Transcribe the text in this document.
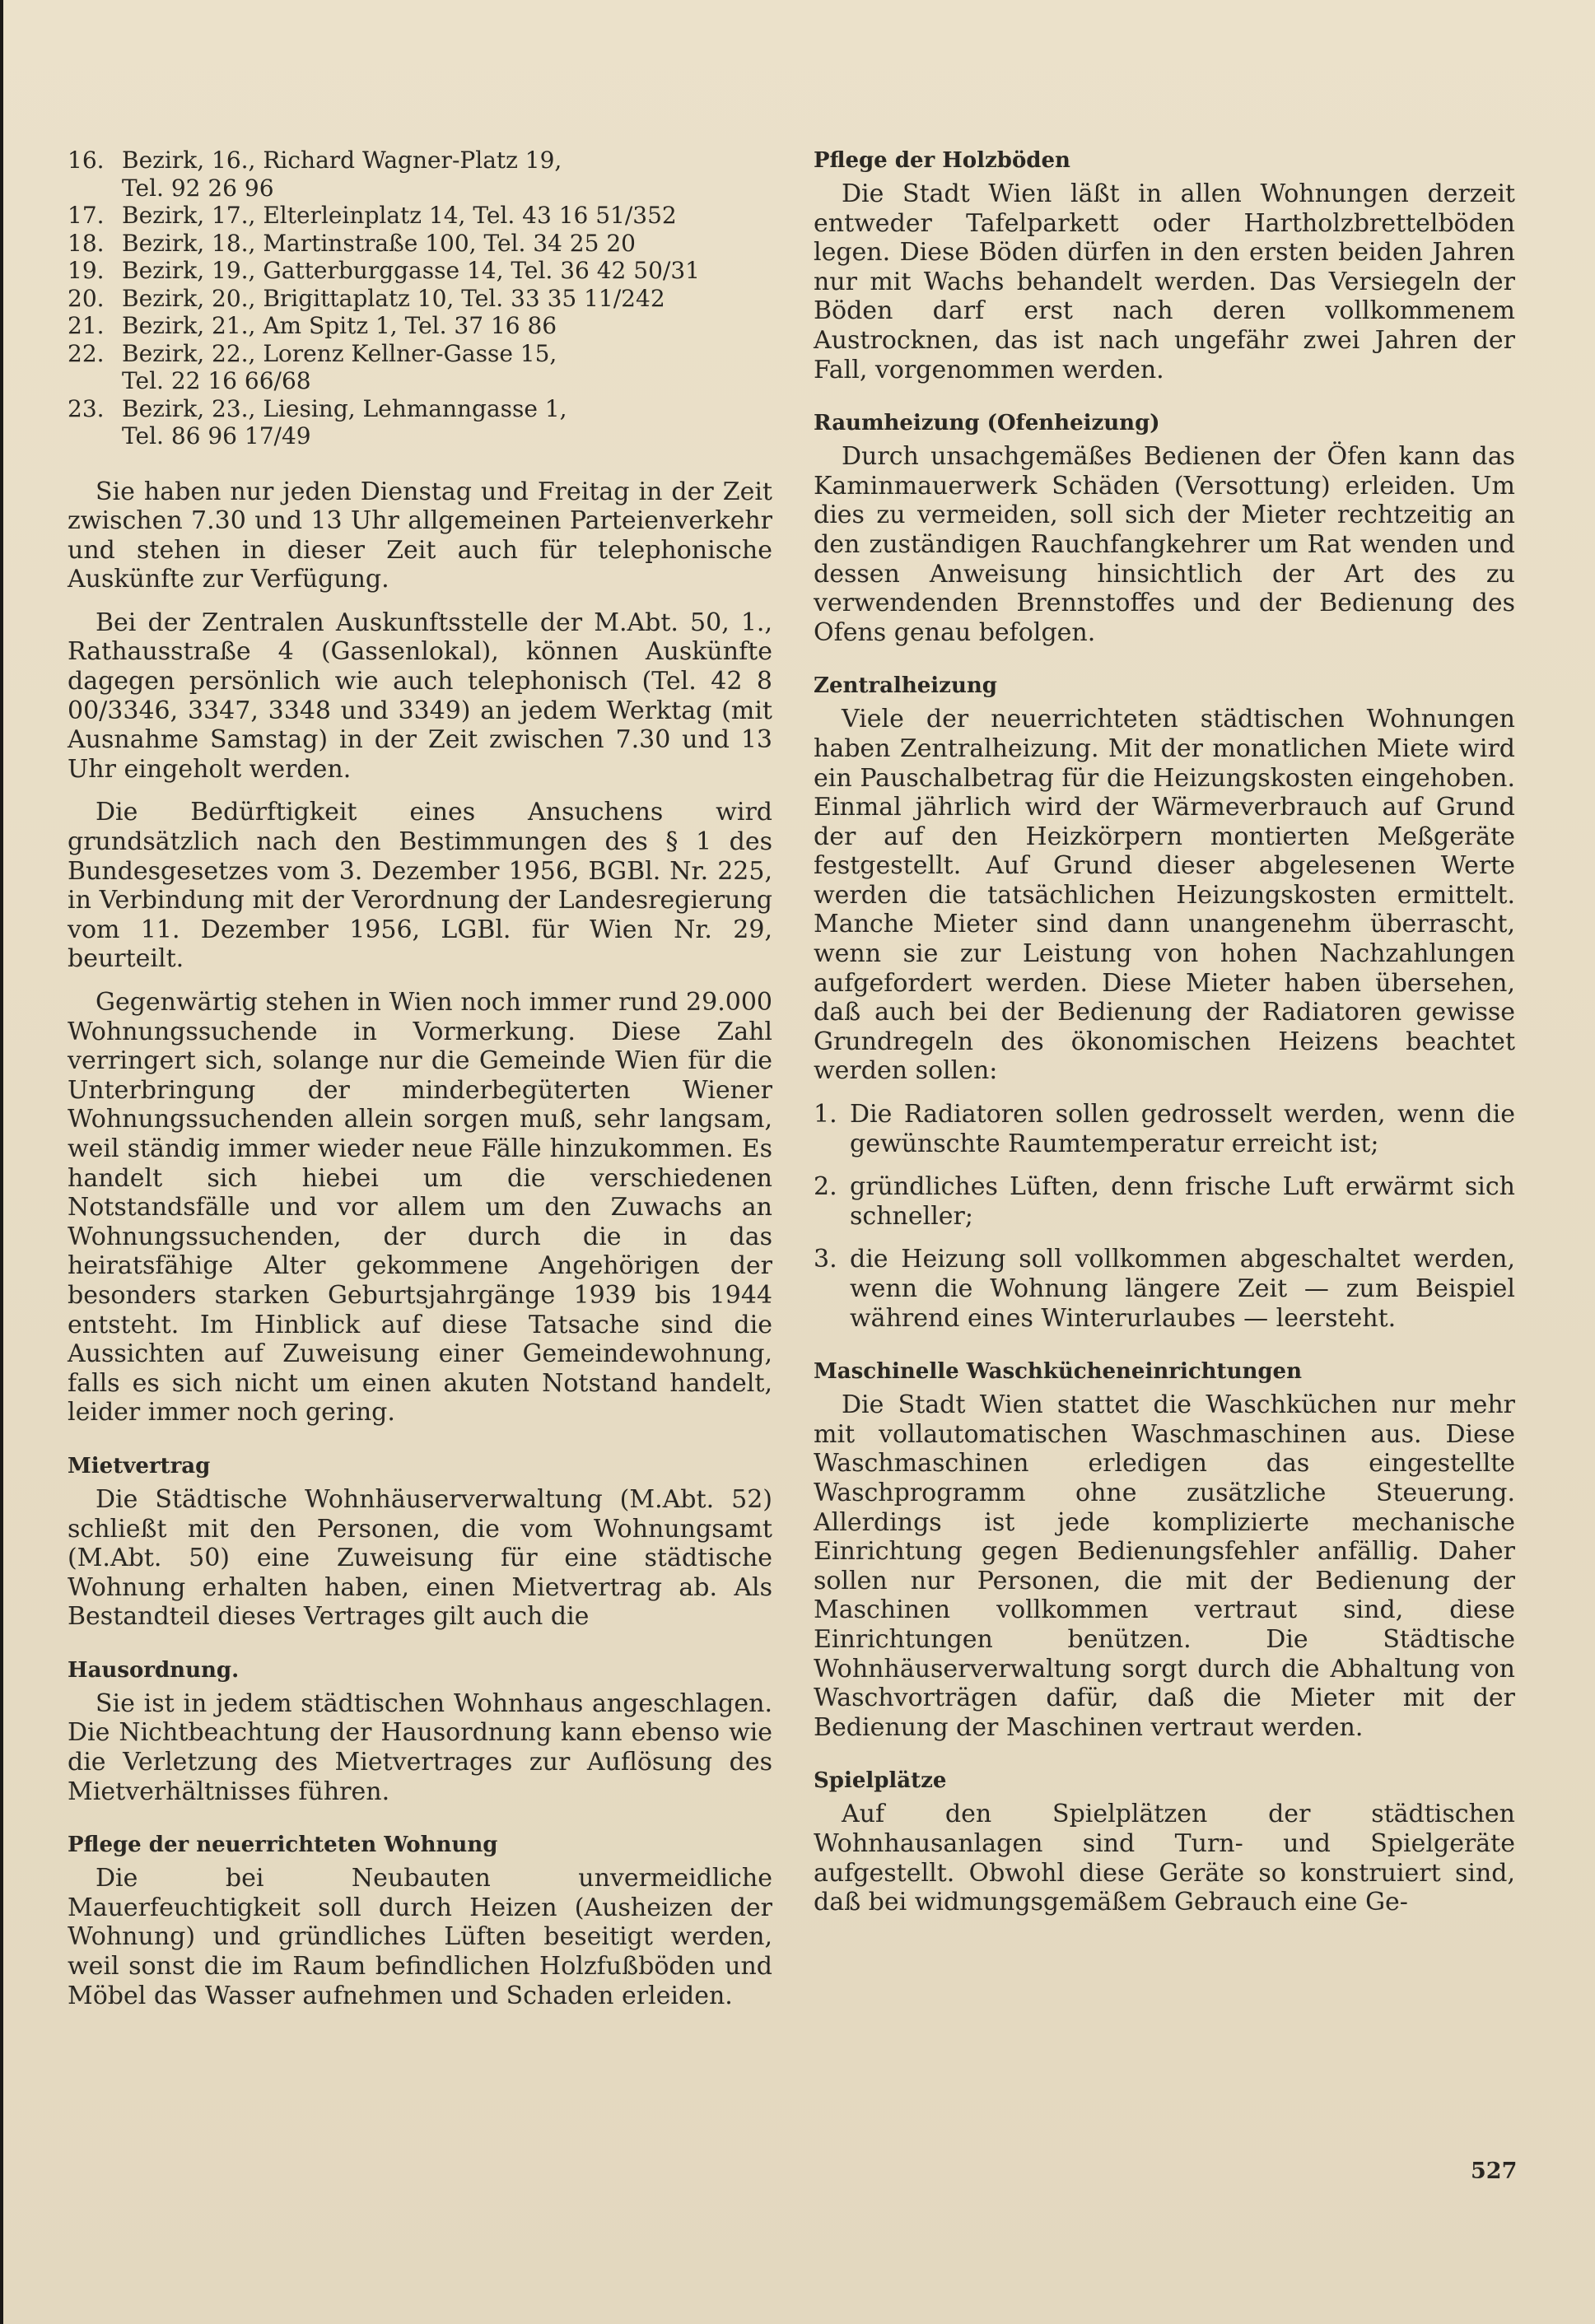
16. Bezirk, 16., Richard Wagner-Platz 19,
Tel. 92 26 96
17. Bezirk, 17., Elterleinplatz 14, Tel. 43 16 51/352
18. Bezirk, 18., Martinstraße 100, Tel. 34 25 20
19. Bezirk, 19., Gatterburggasse 14, Tel. 36 42 50/31
20. Bezirk, 20., Brigittaplatz 10, Tel. 33 35 11/242
21. Bezirk, 21., Am Spitz 1, Tel. 37 16 86
22. Bezirk, 22., Lorenz Kellner-Gasse 15,
Tel. 22 16 66/68
23. Bezirk, 23., Liesing, Lehmanngasse 1,
Tel. 86 96 17/49

Sie haben nur jeden Dienstag und Freitag in der Zeit zwischen 7.30 und 13 Uhr allgemeinen Parteienverkehr und stehen in dieser Zeit auch für telephonische Auskünfte zur Verfügung.

Bei der Zentralen Auskunftsstelle der M.Abt. 50, 1., Rathausstraße 4 (Gassenlokal), können Auskünfte dagegen persönlich wie auch telephonisch (Tel. 42 8 00/3346, 3347, 3348 und 3349) an jedem Werktag (mit Ausnahme Samstag) in der Zeit zwischen 7.30 und 13 Uhr eingeholt werden.

Die Bedürftigkeit eines Ansuchens wird grundsätzlich nach den Bestimmungen des § 1 des Bundesgesetzes vom 3. Dezember 1956, BGBl. Nr. 225, in Verbindung mit der Verordnung der Landesregierung vom 11. Dezember 1956, LGBl. für Wien Nr. 29, beurteilt.

Gegenwärtig stehen in Wien noch immer rund 29.000 Wohnungssuchende in Vormerkung. Diese Zahl verringert sich, solange nur die Gemeinde Wien für die Unterbringung der minderbegüterten Wiener Wohnungssuchenden allein sorgen muß, sehr langsam, weil ständig immer wieder neue Fälle hinzukommen. Es handelt sich hiebei um die verschiedenen Notstandsfälle und vor allem um den Zuwachs an Wohnungssuchenden, der durch die in das heiratsfähige Alter gekommene Angehörigen der besonders starken Geburtsjahrgänge 1939 bis 1944 entsteht. Im Hinblick auf diese Tatsache sind die Aussichten auf Zuweisung einer Gemeindewohnung, falls es sich nicht um einen akuten Notstand handelt, leider immer noch gering.

Mietvertrag

Die Städtische Wohnhäuserverwaltung (M.Abt. 52) schließt mit den Personen, die vom Wohnungsamt (M.Abt. 50) eine Zuweisung für eine städtische Wohnung erhalten haben, einen Mietvertrag ab. Als Bestandteil dieses Vertrages gilt auch die

Hausordnung.

Sie ist in jedem städtischen Wohnhaus angeschlagen. Die Nichtbeachtung der Hausordnung kann ebenso wie die Verletzung des Mietvertrages zur Auflösung des Mietverhältnisses führen.

Pflege der neuerrichteten Wohnung

Die bei Neubauten unvermeidliche Mauerfeuchtigkeit soll durch Heizen (Ausheizen der Wohnung) und gründliches Lüften beseitigt werden, weil sonst die im Raum befindlichen Holzfußböden und Möbel das Wasser aufnehmen und Schaden erleiden.

Pflege der Holzböden

Die Stadt Wien läßt in allen Wohnungen derzeit entweder Tafelparkett oder Hartholzbrettelböden legen. Diese Böden dürfen in den ersten beiden Jahren nur mit Wachs behandelt werden. Das Versiegeln der Böden darf erst nach deren vollkommenem Austrocknen, das ist nach ungefähr zwei Jahren der Fall, vorgenommen werden.

Raumheizung (Ofenheizung)

Durch unsachgemäßes Bedienen der Öfen kann das Kaminmauerwerk Schäden (Versottung) erleiden. Um dies zu vermeiden, soll sich der Mieter rechtzeitig an den zuständigen Rauchfangkehrer um Rat wenden und dessen Anweisung hinsichtlich der Art des zu verwendenden Brennstoffes und der Bedienung des Ofens genau befolgen.

Zentralheizung

Viele der neuerrichteten städtischen Wohnungen haben Zentralheizung. Mit der monatlichen Miete wird ein Pauschalbetrag für die Heizungskosten eingehoben. Einmal jährlich wird der Wärmeverbrauch auf Grund der auf den Heizkörpern montierten Meßgeräte festgestellt. Auf Grund dieser abgelesenen Werte werden die tatsächlichen Heizungskosten ermittelt. Manche Mieter sind dann unangenehm überrascht, wenn sie zur Leistung von hohen Nachzahlungen aufgefordert werden. Diese Mieter haben übersehen, daß auch bei der Bedienung der Radiatoren gewisse Grundregeln des ökonomischen Heizens beachtet werden sollen:

1. Die Radiatoren sollen gedrosselt werden, wenn die gewünschte Raumtemperatur erreicht ist;
2. gründliches Lüften, denn frische Luft erwärmt sich schneller;
3. die Heizung soll vollkommen abgeschaltet werden, wenn die Wohnung längere Zeit — zum Beispiel während eines Winterurlaubes — leersteht.
Maschinelle Waschkücheneinrichtungen

Die Stadt Wien stattet die Waschküchen nur mehr mit vollautomatischen Waschmaschinen aus. Diese Waschmaschinen erledigen das eingestellte Waschprogramm ohne zusätzliche Steuerung. Allerdings ist jede komplizierte mechanische Einrichtung gegen Bedienungsfehler anfällig. Daher sollen nur Personen, die mit der Bedienung der Maschinen vollkommen vertraut sind, diese Einrichtungen benützen. Die Städtische Wohnhäuserverwaltung sorgt durch die Abhaltung von Waschvorträgen dafür, daß die Mieter mit der Bedienung der Maschinen vertraut werden.

Spielplätze

Auf den Spielplätzen der städtischen Wohnhausanlagen sind Turn- und Spielgeräte aufgestellt. Obwohl diese Geräte so konstruiert sind, daß bei widmungsgemäßem Gebrauch eine Ge-

527
